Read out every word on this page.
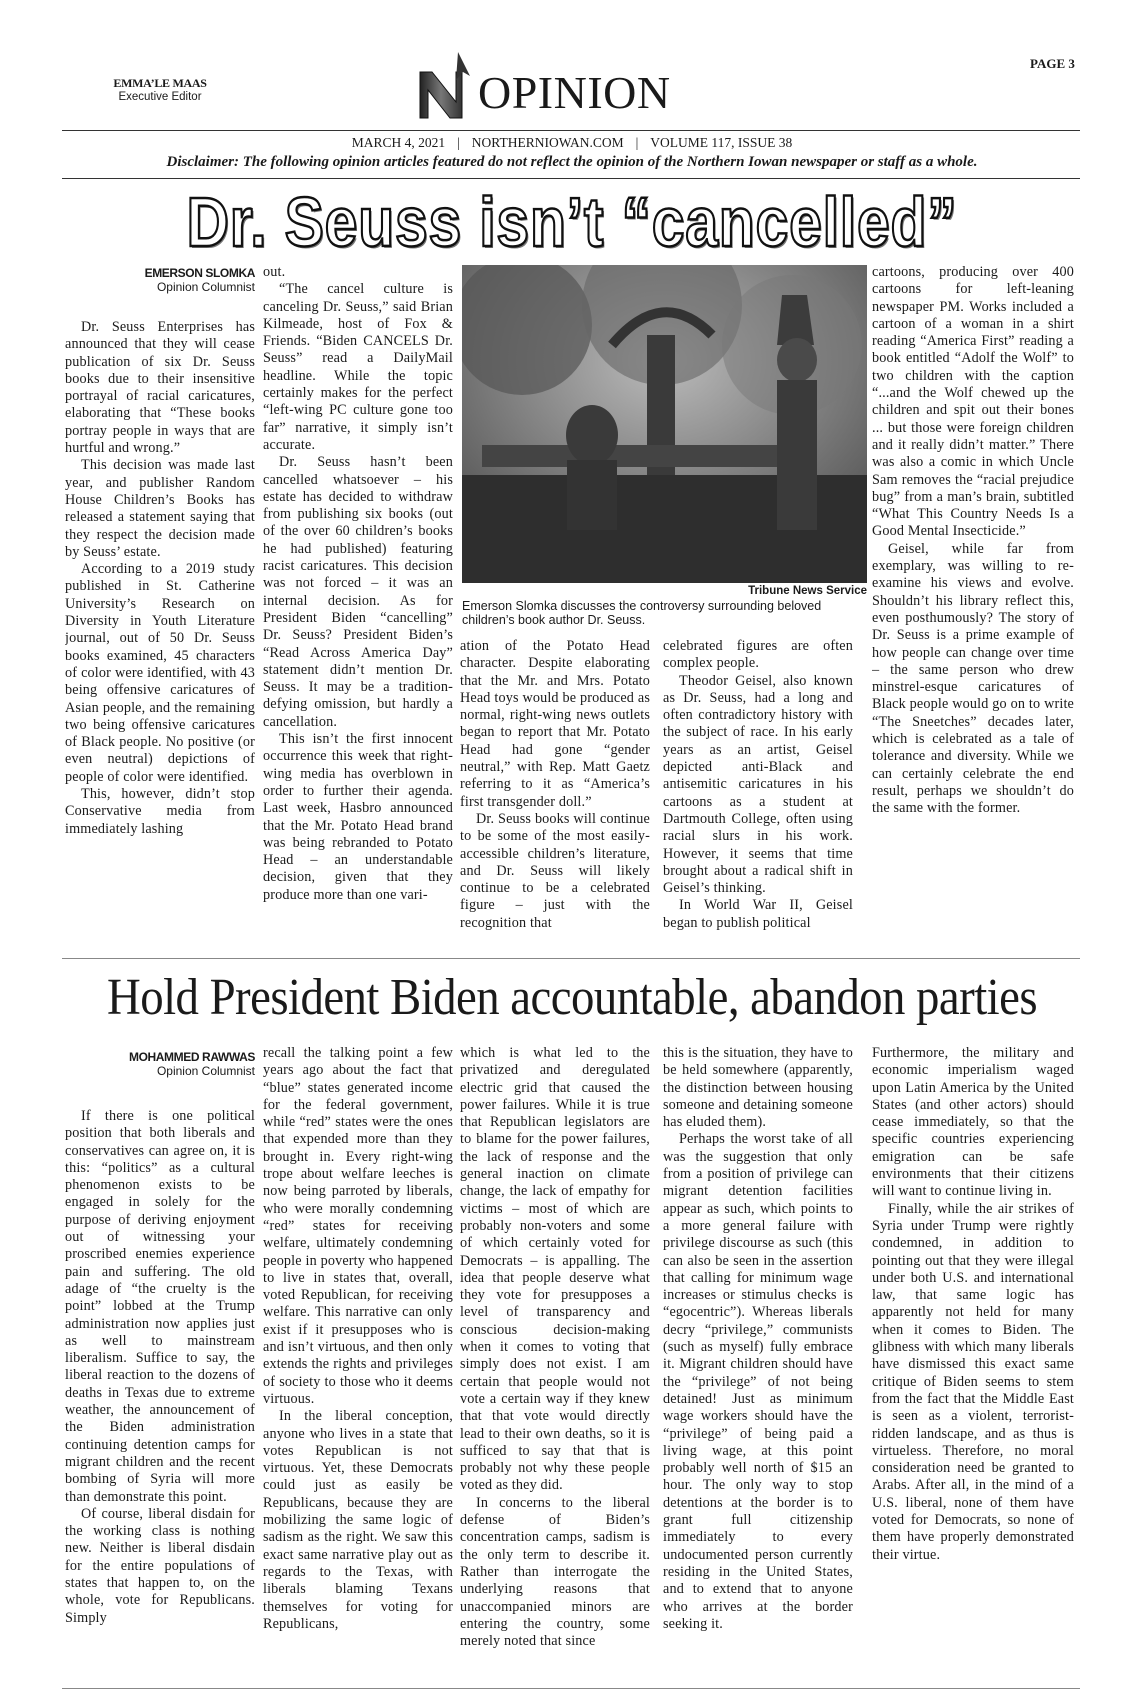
PAGE 3
EMMA’LE MAAS
Executive Editor	OPINION
MARCH 4, 2021 | NORTHERNIOWAN.COM | VOLUME 117, ISSUE 38
Disclaimer: The following opinion articles featured do not reflect the opinion of the Northern Iowan newspaper or staff as a whole.
Dr. Seuss isn’t “cancelled”
EMERSON SLOMKA
Opinion Columnist

Dr. Seuss Enterprises has announced that they will cease publication of six Dr. Seuss books due to their insensitive portrayal of racial caricatures, elaborating that “These books portray people in ways that are hurtful and wrong.”

This decision was made last year, and publisher Random House Children’s Books has released a statement saying that they respect the decision made by Seuss’ estate.

According to a 2019 study published in St. Catherine University’s Research on Diversity in Youth Literature journal, out of 50 Dr. Seuss books examined, 45 characters of color were identified, with 43 being offensive caricatures of Asian people, and the remaining two being offensive caricatures of Black people. No positive (or even neutral) depictions of people of color were identified.

This, however, didn’t stop Conservative media from immediately lashing

out.

“The cancel culture is canceling Dr. Seuss,” said Brian Kilmeade, host of Fox & Friends. “Biden CANCELS Dr. Seuss” read a DailyMail headline. While the topic certainly makes for the perfect “left-wing PC culture gone too far” narrative, it simply isn’t accurate.

Dr. Seuss hasn’t been cancelled whatsoever – his estate has decided to withdraw from publishing six books (out of the over 60 children’s books he had published) featuring racist caricatures. This decision was not forced – it was an internal decision. As for President Biden “cancelling” Dr. Seuss? President Biden’s “Read Across America Day” statement didn’t mention Dr. Seuss. It may be a tradition-defying omission, but hardly a cancellation.

This isn’t the first innocent occurrence this week that right-wing media has overblown in order to further their agenda. Last week, Hasbro announced that the Mr. Potato Head brand was being rebranded to Potato Head – an understandable decision, given that they produce more than one vari-

Tribune News Service
Emerson Slomka discusses the controversy surrounding beloved children’s book author Dr. Seuss.

ation of the Potato Head character. Despite elaborating that the Mr. and Mrs. Potato Head toys would be produced as normal, right-wing news outlets began to report that Mr. Potato Head had gone “gender neutral,” with Rep. Matt Gaetz referring to it as “America’s first transgender doll.”

Dr. Seuss books will continue to be some of the most easily-accessible children’s literature, and Dr. Seuss will likely continue to be a celebrated figure – just with the recognition that

celebrated figures are often complex people.

Theodor Geisel, also known as Dr. Seuss, had a long and often contradictory history with the subject of race. In his early years as an artist, Geisel depicted anti-Black and antisemitic caricatures in his cartoons as a student at Dartmouth College, often using racial slurs in his work. However, it seems that time brought about a radical shift in Geisel’s thinking.

In World War II, Geisel began to publish political

cartoons, producing over 400 cartoons for left-leaning newspaper PM. Works included a cartoon of a woman in a shirt reading “America First” reading a book entitled “Adolf the Wolf” to two children with the caption “...and the Wolf chewed up the children and spit out their bones ... but those were foreign children and it really didn’t matter.” There was also a comic in which Uncle Sam removes the “racial prejudice bug” from a man’s brain, subtitled “What This Country Needs Is a Good Mental Insecticide.”

Geisel, while far from exemplary, was willing to re-examine his views and evolve. Shouldn’t his library reflect this, even posthumously? The story of Dr. Seuss is a prime example of how people can change over time – the same person who drew minstrel-esque caricatures of Black people would go on to write “The Sneetches” decades later, which is celebrated as a tale of tolerance and diversity. While we can certainly celebrate the end result, perhaps we shouldn’t do the same with the former.

Hold President Biden accountable, abandon parties
MOHAMMED RAWWAS
Opinion Columnist

If there is one political position that both liberals and conservatives can agree on, it is this: “politics” as a cultural phenomenon exists to be engaged in solely for the purpose of deriving enjoyment out of witnessing your proscribed enemies experience pain and suffering. The old adage of “the cruelty is the point” lobbed at the Trump administration now applies just as well to mainstream liberalism. Suffice to say, the liberal reaction to the dozens of deaths in Texas due to extreme weather, the announcement of the Biden administration continuing detention camps for migrant children and the recent bombing of Syria will more than demonstrate this point.

Of course, liberal disdain for the working class is nothing new. Neither is liberal disdain for the entire populations of states that happen to, on the whole, vote for Republicans. Simply

recall the talking point a few years ago about the fact that “blue” states generated income for the federal government, while “red” states were the ones that expended more than they brought in. Every right-wing trope about welfare leeches is now being parroted by liberals, who were morally condemning “red” states for receiving welfare, ultimately condemning people in poverty who happened to live in states that, overall, voted Republican, for receiving welfare. This narrative can only exist if it presupposes who is and isn’t virtuous, and then only extends the rights and privileges of society to those who it deems virtuous.

In the liberal conception, anyone who lives in a state that votes Republican is not virtuous. Yet, these Democrats could just as easily be Republicans, because they are mobilizing the same logic of sadism as the right. We saw this exact same narrative play out as regards to the Texas, with liberals blaming Texans themselves for voting for Republicans,

which is what led to the privatized and deregulated electric grid that caused the power failures. While it is true that Republican legislators are to blame for the power failures, the lack of response and the general inaction on climate change, the lack of empathy for victims – most of which are probably non-voters and some of which certainly voted for Democrats – is appalling. The idea that people deserve what they vote for presupposes a level of transparency and conscious decision-making when it comes to voting that simply does not exist. I am certain that people would not vote a certain way if they knew that that vote would directly lead to their own deaths, so it is sufficed to say that that is probably not why these people voted as they did.

In concerns to the liberal defense of Biden’s concentration camps, sadism is the only term to describe it. Rather than interrogate the underlying reasons that unaccompanied minors are entering the country, some merely noted that since

this is the situation, they have to be held somewhere (apparently, the distinction between housing someone and detaining someone has eluded them).

Perhaps the worst take of all was the suggestion that only from a position of privilege can migrant detention facilities appear as such, which points to a more general failure with privilege discourse as such (this can also be seen in the assertion that calling for minimum wage increases or stimulus checks is “egocentric”). Whereas liberals decry “privilege,” communists (such as myself) fully embrace it. Migrant children should have the “privilege” of not being detained! Just as minimum wage workers should have the “privilege” of being paid a living wage, at this point probably well north of $15 an hour. The only way to stop detentions at the border is to grant full citizenship immediately to every undocumented person currently residing in the United States, and to extend that to anyone who arrives at the border seeking it.

Furthermore, the military and economic imperialism waged upon Latin America by the United States (and other actors) should cease immediately, so that the specific countries experiencing emigration can be safe environments that their citizens will want to continue living in.

Finally, while the air strikes of Syria under Trump were rightly condemned, in addition to pointing out that they were illegal under both U.S. and international law, that same logic has apparently not held for many when it comes to Biden. The glibness with which many liberals have dismissed this exact same critique of Biden seems to stem from the fact that the Middle East is seen as a violent, terrorist-ridden landscape, and as thus is virtueless. Therefore, no moral consideration need be granted to Arabs. After all, in the mind of a U.S. liberal, none of them have voted for Democrats, so none of them have properly demonstrated their virtue.
